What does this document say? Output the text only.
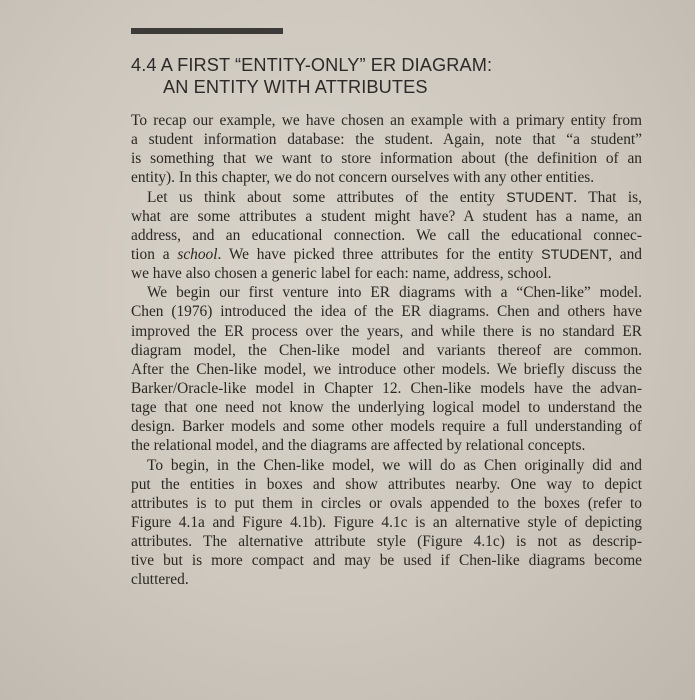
4.4 A FIRST “ENTITY-ONLY” ER DIAGRAM:
AN ENTITY WITH ATTRIBUTES
To recap our example, we have chosen an example with a primary entity from
a student information database: the student. Again, note that “a student”
is something that we want to store information about (the definition of an
entity). In this chapter, we do not concern ourselves with any other entities.
Let us think about some attributes of the entity STUDENT. That is,
what are some attributes a student might have? A student has a name, an
address, and an educational connection. We call the educational connec-
tion a school. We have picked three attributes for the entity STUDENT, and
we have also chosen a generic label for each: name, address, school.
We begin our first venture into ER diagrams with a “Chen-like” model.
Chen (1976) introduced the idea of the ER diagrams. Chen and others have
improved the ER process over the years, and while there is no standard ER
diagram model, the Chen-like model and variants thereof are common.
After the Chen-like model, we introduce other models. We briefly discuss the
Barker/Oracle-like model in Chapter 12. Chen-like models have the advan-
tage that one need not know the underlying logical model to understand the
design. Barker models and some other models require a full understanding of
the relational model, and the diagrams are affected by relational concepts.
To begin, in the Chen-like model, we will do as Chen originally did and
put the entities in boxes and show attributes nearby. One way to depict
attributes is to put them in circles or ovals appended to the boxes (refer to
Figure 4.1a and Figure 4.1b). Figure 4.1c is an alternative style of depicting
attributes. The alternative attribute style (Figure 4.1c) is not as descrip-
tive but is more compact and may be used if Chen-like diagrams become
cluttered.
